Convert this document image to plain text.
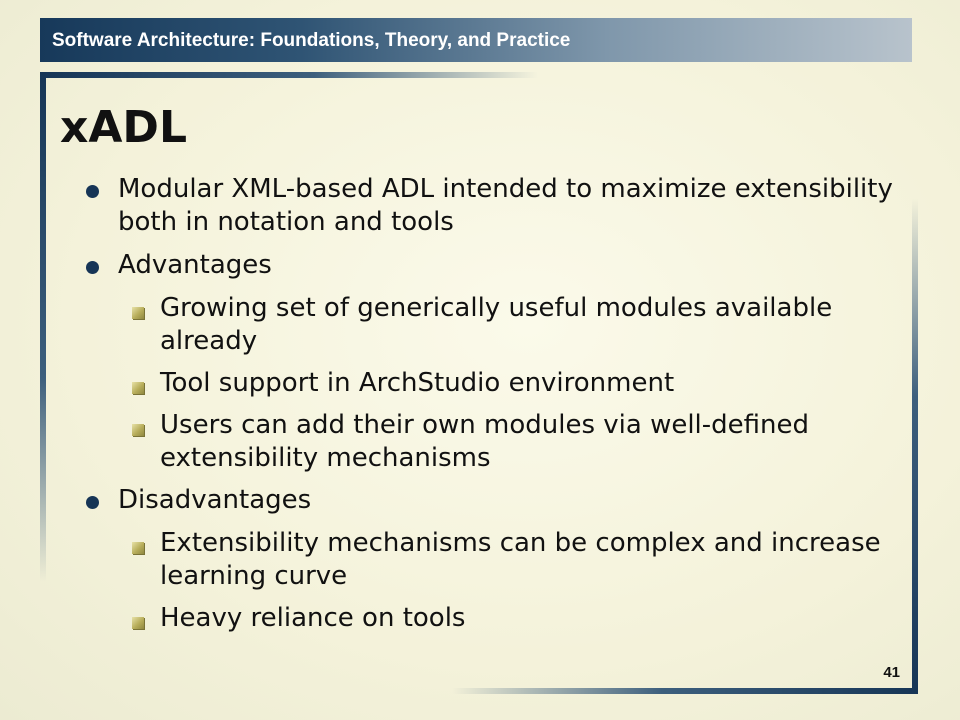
Software Architecture: Foundations, Theory, and Practice
xADL
Modular XML-based ADL intended to maximize extensibility both in notation and tools
Advantages
Growing set of generically useful modules available already
Tool support in ArchStudio environment
Users can add their own modules via well-defined extensibility mechanisms
Disadvantages
Extensibility mechanisms can be complex and increase learning curve
Heavy reliance on tools
41
